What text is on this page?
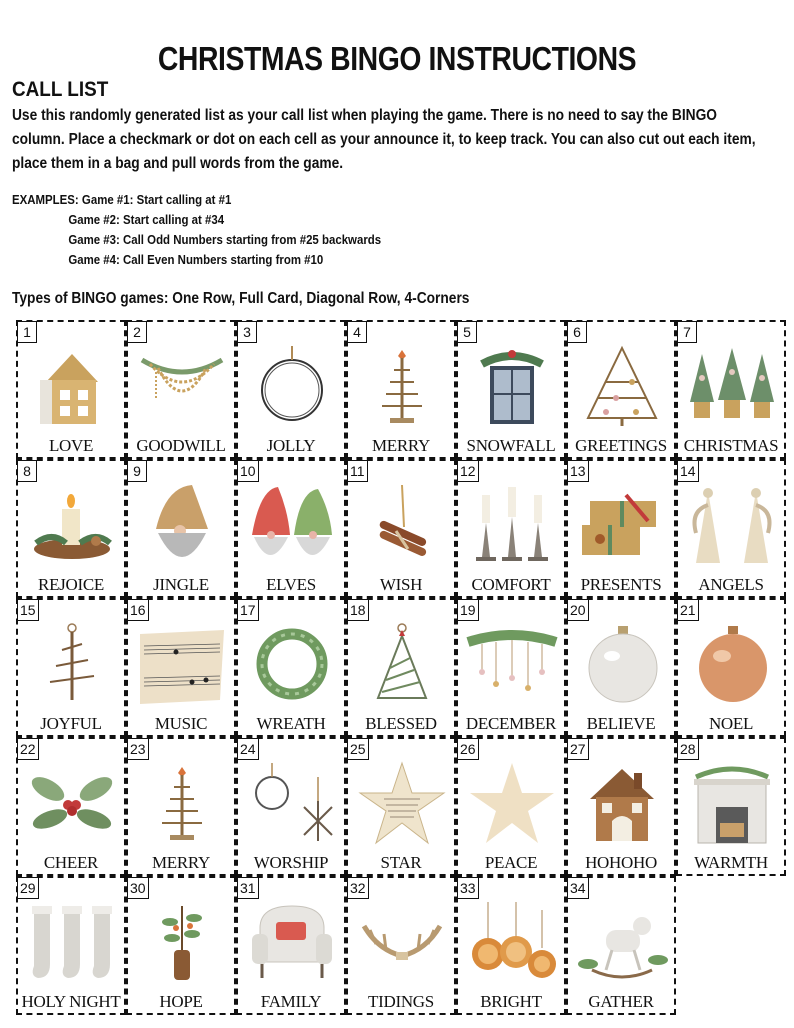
CHRISTMAS BINGO INSTRUCTIONS
CALL LIST
Use this randomly generated list as your call list when playing the game. There is no need to say the BINGO column. Place a checkmark or dot on each cell as your announce it, to keep track. You can also cut out each item, place them in a bag and pull words from the game.
EXAMPLES: Game #1: Start calling at #1
Game #2: Start calling at #34
Game #3: Call Odd Numbers starting from #25 backwards
Game #4: Call Even Numbers starting from #10
Types of BINGO games: One Row, Full Card, Diagonal Row, 4-Corners
1
LOVE
2
GOODWILL
3
JOLLY
4
MERRY
5
SNOWFALL
6
GREETINGS
7
CHRISTMAS
8
REJOICE
9
JINGLE
10
ELVES
11
WISH
12
COMFORT
13
PRESENTS
14
ANGELS
15
JOYFUL
16
MUSIC
17
WREATH
18
BLESSED
19
DECEMBER
20
BELIEVE
21
NOEL
22
CHEER
23
MERRY
24
WORSHIP
25
STAR
26
PEACE
27
HOHOHO
28
WARMTH
29
HOLY NIGHT
30
HOPE
31
FAMILY
32
TIDINGS
33
BRIGHT
34
GATHER
